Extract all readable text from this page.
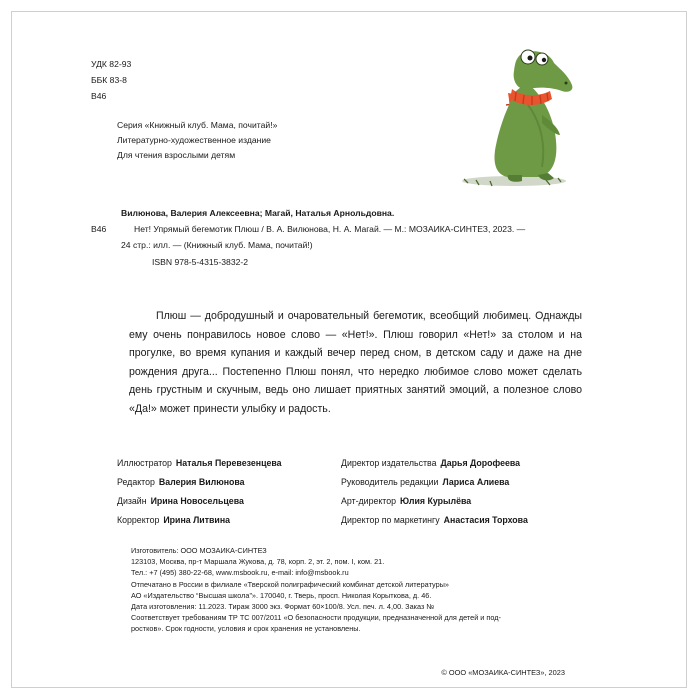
УДК 82-93
ББК 83-8
В46
Серия «Книжный клуб. Мама, почитай!»
Литературно-художественное издание
Для чтения взрослыми детям
Вилюнова, Валерия Алексеевна; Магай, Наталья Арнольдовна.
В46	Нет! Упрямый бегемотик Плюш / В. А. Вилюнова, Н. А. Магай. — М.: МОЗАИКА-СИНТЕЗ, 2023. —
24 стр.: илл. — (Книжный клуб. Мама, почитай!)
ISBN 978-5-4315-3832-2
Плюш — добродушный и очаровательный бегемотик, всеобщий любимец. Однажды ему очень понравилось новое слово — «Нет!». Плюш говорил «Нет!» за столом и на прогулке, во время купания и каждый вечер перед сном, в детском саду и даже на дне рождения друга... Постепенно Плюш понял, что нередко любимое слово может сделать день грустным и скучным, ведь оно лишает приятных занятий эмоций, а полезное слово «Да!» может принести улыбку и радость.
Иллюстратор Наталья Перевезенцева
Редактор Валерия Вилюнова
Дизайн Ирина Новосельцева
Корректор Ирина Литвина
Директор издательства Дарья Дорофеева
Руководитель редакции Лариса Алиева
Арт-директор Юлия Курылёва
Директор по маркетингу Анастасия Торхова
Изготовитель: ООО МОЗАИКА-СИНТЕЗ
123103, Москва, пр-т Маршала Жукова, д. 78, корп. 2, эт. 2, пом. I, ком. 21.
Тел.: +7 (495) 380-22-68, www.msbook.ru, e-mail: info@msbook.ru
Отпечатано в России в филиале «Тверской полиграфический комбинат детской литературы»
АО «Издательство “Высшая школа”». 170040, г. Тверь, просп. Николая Корыткова, д. 46.
Дата изготовления: 11.2023. Тираж 3000 экз. Формат 60×100/8. Усл. печ. л. 4,00. Заказ №
Соответствует требованиям ТР ТС 007/2011 «О безопасности продукции, предназначенной для детей и под-
ростков». Срок годности, условия и срок хранения не установлены.
© ООО «МОЗАИКА-СИНТЕЗ», 2023
